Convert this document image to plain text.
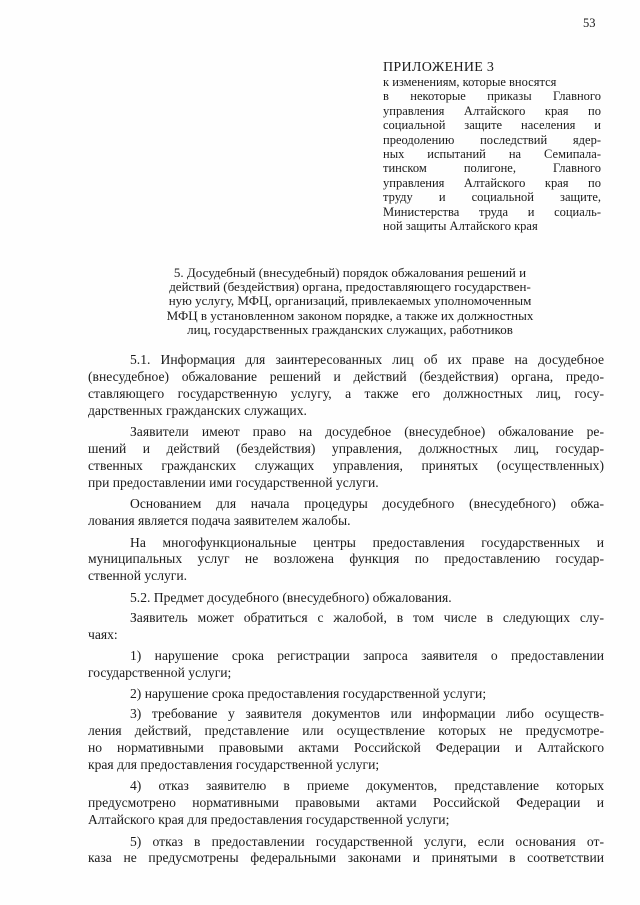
53
ПРИЛОЖЕНИЕ 3
к изменениям, которые вносятся
в некоторые приказы Главного
управления Алтайского края по
социальной защите населения и
преодолению последствий ядер-
ных испытаний на Семипала-
тинском полигоне, Главного
управления Алтайского края по
труду и социальной защите,
Министерства труда и социаль-
ной защиты Алтайского края
5. Досудебный (внесудебный) порядок обжалования решений и
действий (бездействия) органа, предоставляющего государствен-
ную услугу, МФЦ, организаций, привлекаемых уполномоченным
МФЦ в установленном законом порядке, а также их должностных
лиц, государственных гражданских служащих, работников
5.1. Информация для заинтересованных лиц об их праве на досудебное
(внесудебное) обжалование решений и действий (бездействия) органа, предо-
ставляющего государственную услугу, а также его должностных лиц, госу-
дарственных гражданских служащих.
Заявители имеют право на досудебное (внесудебное) обжалование ре-
шений и действий (бездействия) управления, должностных лиц, государ-
ственных гражданских служащих управления, принятых (осуществленных)
при предоставлении ими государственной услуги.
Основанием для начала процедуры досудебного (внесудебного) обжа-
лования является подача заявителем жалобы.
На многофункциональные центры предоставления государственных и
муниципальных услуг не возложена функция по предоставлению государ-
ственной услуги.
5.2. Предмет досудебного (внесудебного) обжалования.
Заявитель может обратиться с жалобой, в том числе в следующих слу-
чаях:
1) нарушение срока регистрации запроса заявителя о предоставлении
государственной услуги;
2) нарушение срока предоставления государственной услуги;
3) требование у заявителя документов или информации либо осуществ-
ления действий, представление или осуществление которых не предусмотре-
но нормативными правовыми актами Российской Федерации и Алтайского
края для предоставления государственной услуги;
4) отказ заявителю в приеме документов, представление которых
предусмотрено нормативными правовыми актами Российской Федерации и
Алтайского края для предоставления государственной услуги;
5) отказ в предоставлении государственной услуги, если основания от-
каза не предусмотрены федеральными законами и принятыми в соответствии
